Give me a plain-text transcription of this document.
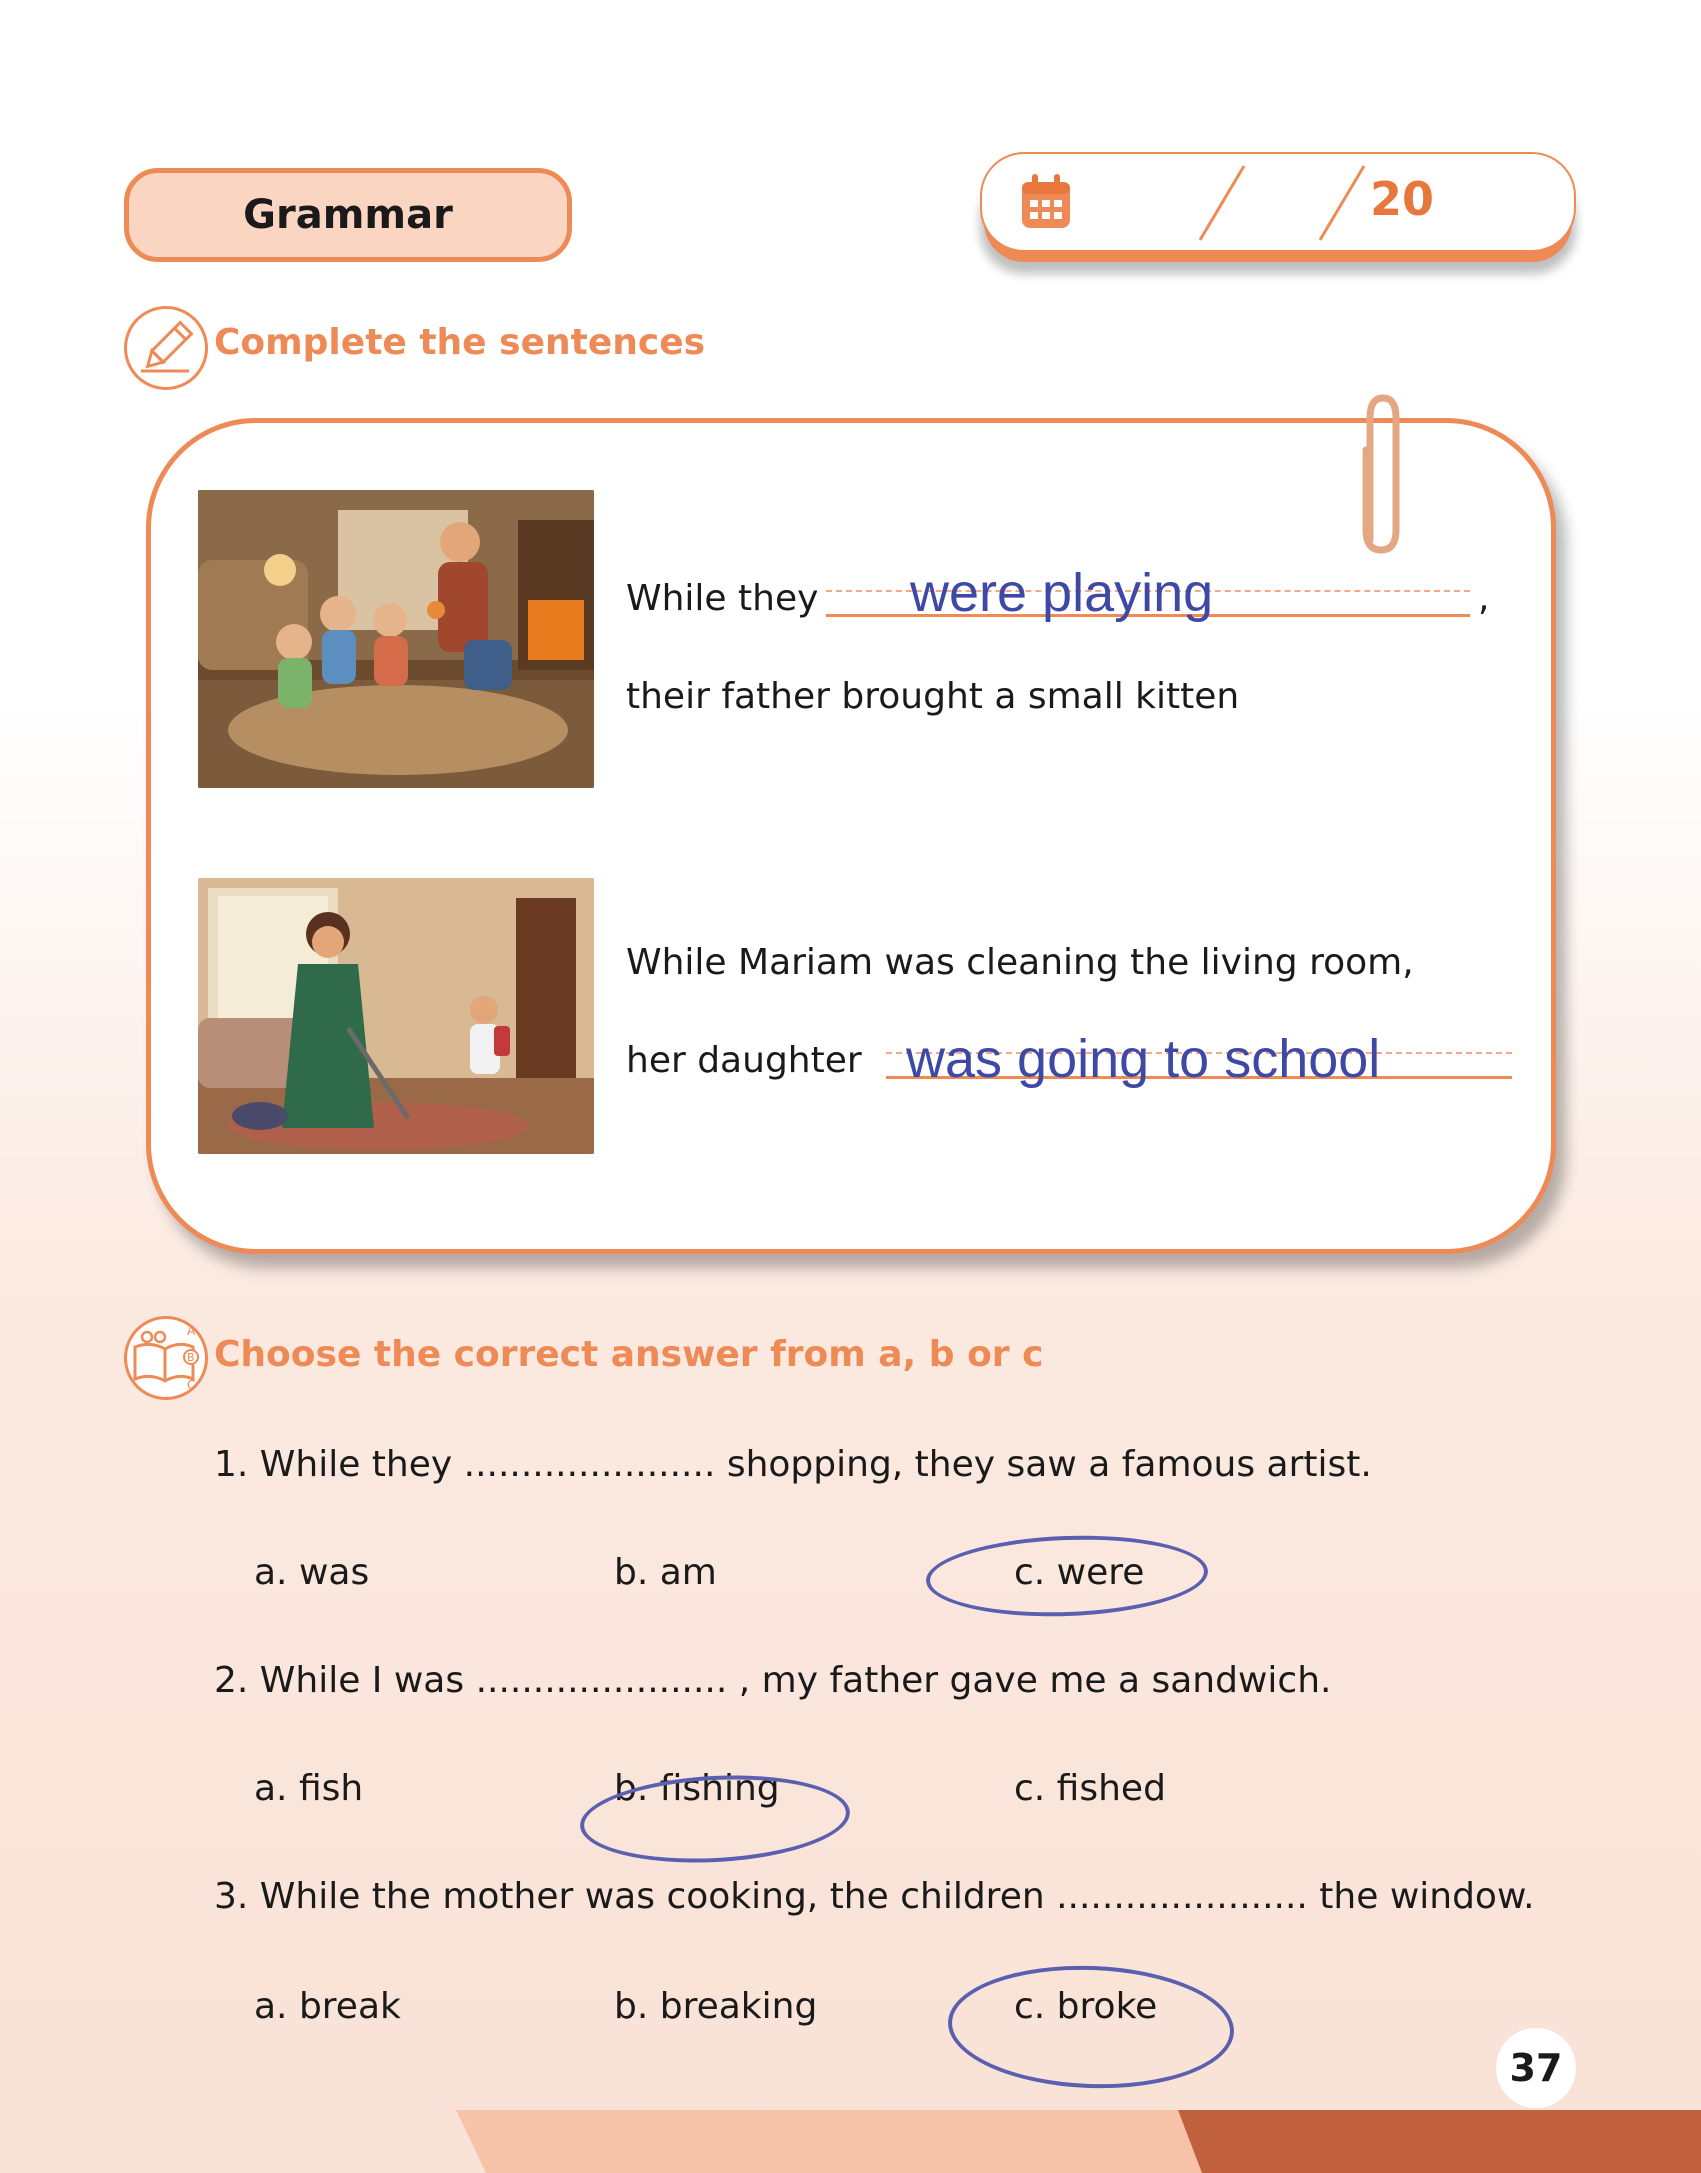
Grammar	20
Complete the sentences
While they were playing	,
their father brought a small kitten
While Mariam was cleaning the living room,
her daughter was going to school
A
B
C
Choose the correct answer from a, b or c
1. While they ...................... shopping, they saw a famous artist.
a. was	b. am	c. were
2. While I was ...................... , my father gave me a sandwich.
a. fish	b. fishing	c. fished
3. While the mother was cooking, the children ...................... the window.
a. break	b. breaking	c. broke
37
